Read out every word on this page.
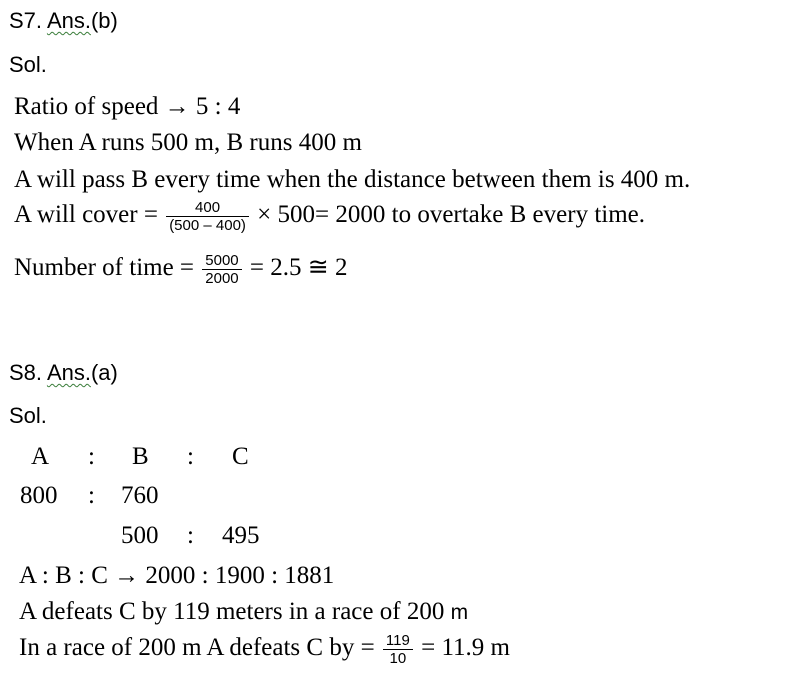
S7. Ans.(b)
Sol.
Ratio of speed → 5 : 4
When A runs 500 m, B runs 400 m
A will pass B every time when the distance between them is 400 m.
A will cover = $\frac{400}{(500 - 400)} \times 500= 2000$ to overtake B every time.
Number of time = $\frac{5000}{2000} = 2.5$ ≅ 2
S8. Ans.(a)
Sol.
A : B : C
800 : 760
500 : 495
A : B : C → 2000 : 1900 : 1881
A defeats C by 119 meters in a race of 200 m
In a race of 200 m A defeats C by = $\frac{119}{10} = 11.9$ m
